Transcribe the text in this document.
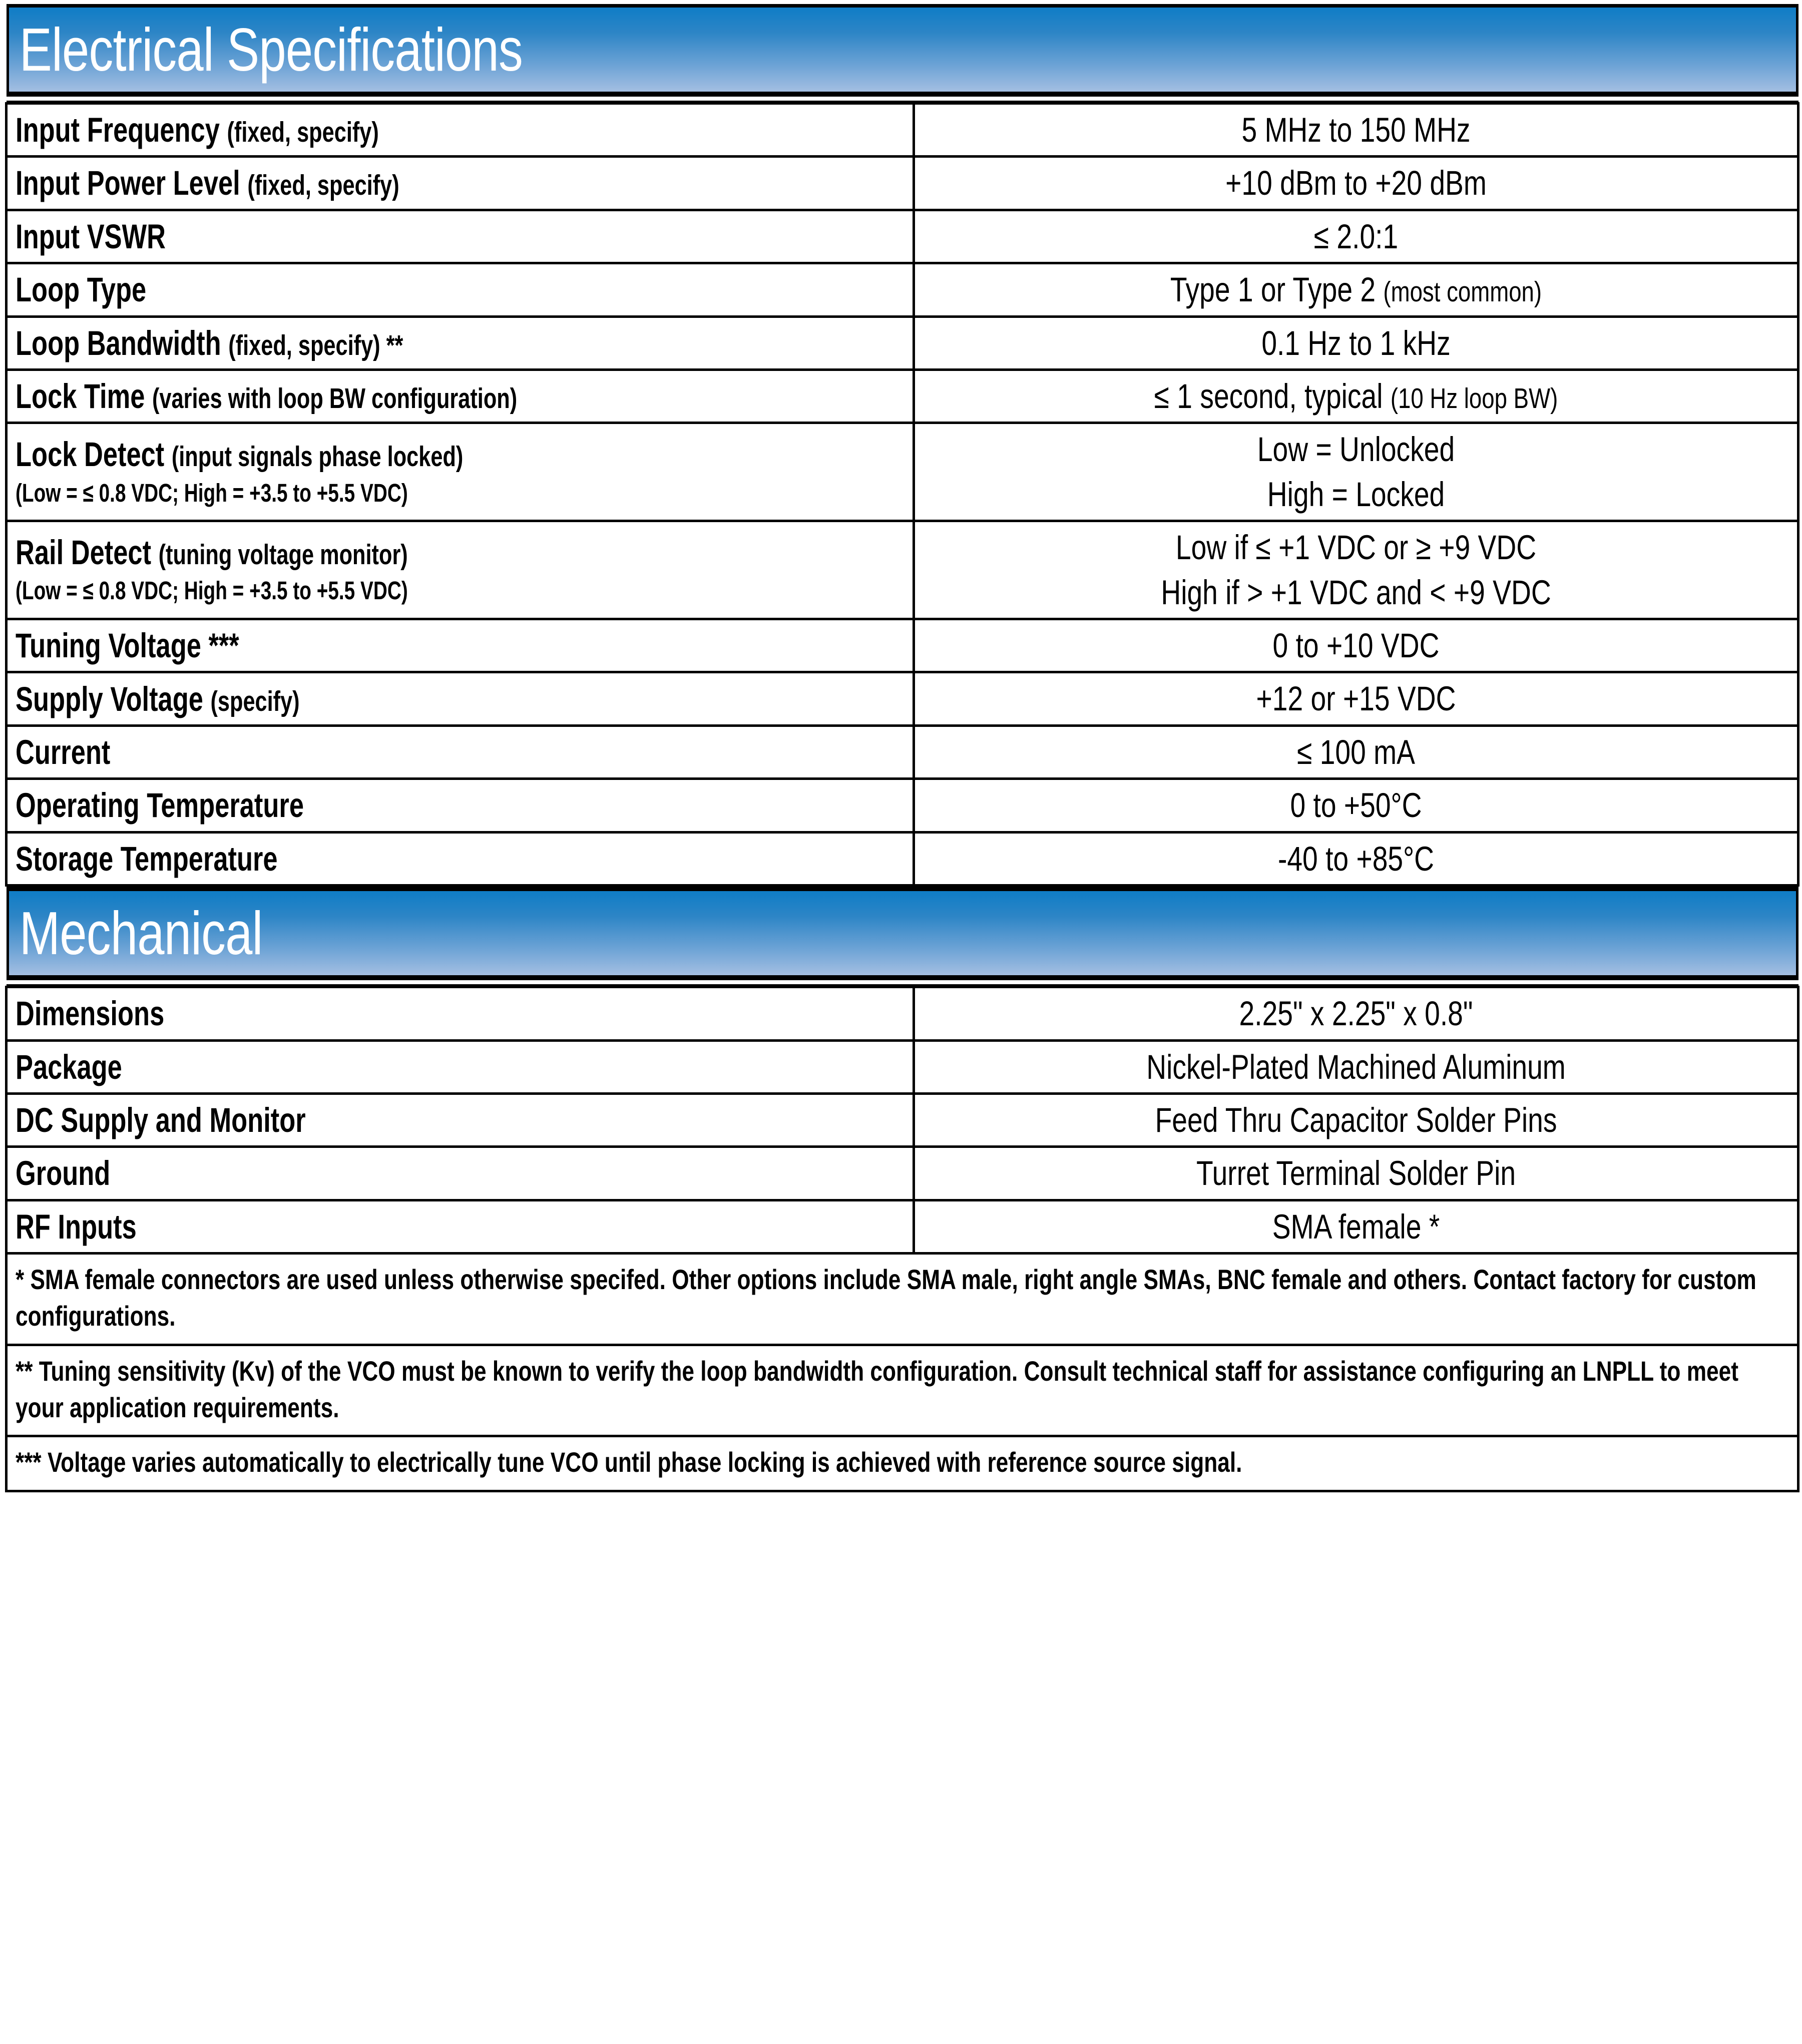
Electrical Specifications	

Input Frequency (fixed, specify)	5 MHz to 150 MHz

Input Power Level (fixed, specify)	+10 dBm to +20 dBm

Input VSWR	≤ 2.0:1

Loop Type	Type 1 or Type 2 (most common)

Loop Bandwidth (fixed, specify) **	0.1 Hz to 1 kHz

Lock Time (varies with loop BW configuration)	≤ 1 second, typical (10 Hz loop BW)

Lock Detect (input signals phase locked)
(Low = ≤ 0.8 VDC; High = +3.5 to +5.5 VDC)	Low = Unlocked
High = Locked

Rail Detect (tuning voltage monitor)
(Low = ≤ 0.8 VDC; High = +3.5 to +5.5 VDC)	Low if ≤ +1 VDC or ≥ +9 VDC
High if > +1 VDC and < +9 VDC

Tuning Voltage ***	0 to +10 VDC

Supply Voltage (specify)	+12 or +15 VDC

Current	≤ 100 mA

Operating Temperature	0 to +50°C

Storage Temperature	-40 to +85°C

Mechanical	

Dimensions	2.25" x 2.25" x 0.8"

Package	Nickel-Plated Machined Aluminum

DC Supply and Monitor	Feed Thru Capacitor Solder Pins

Ground	Turret Terminal Solder Pin

RF Inputs	SMA female *

* SMA female connectors are used unless otherwise specifed. Other options include SMA male, right angle SMAs, BNC female and others. Contact factory for custom configurations.	

** Tuning sensitivity (Kv) of the VCO must be known to verify the loop bandwidth configuration. Consult technical staff for assistance configuring an LNPLL to meet your application requirements.	

*** Voltage varies automatically to electrically tune VCO until phase locking is achieved with reference source signal.	
